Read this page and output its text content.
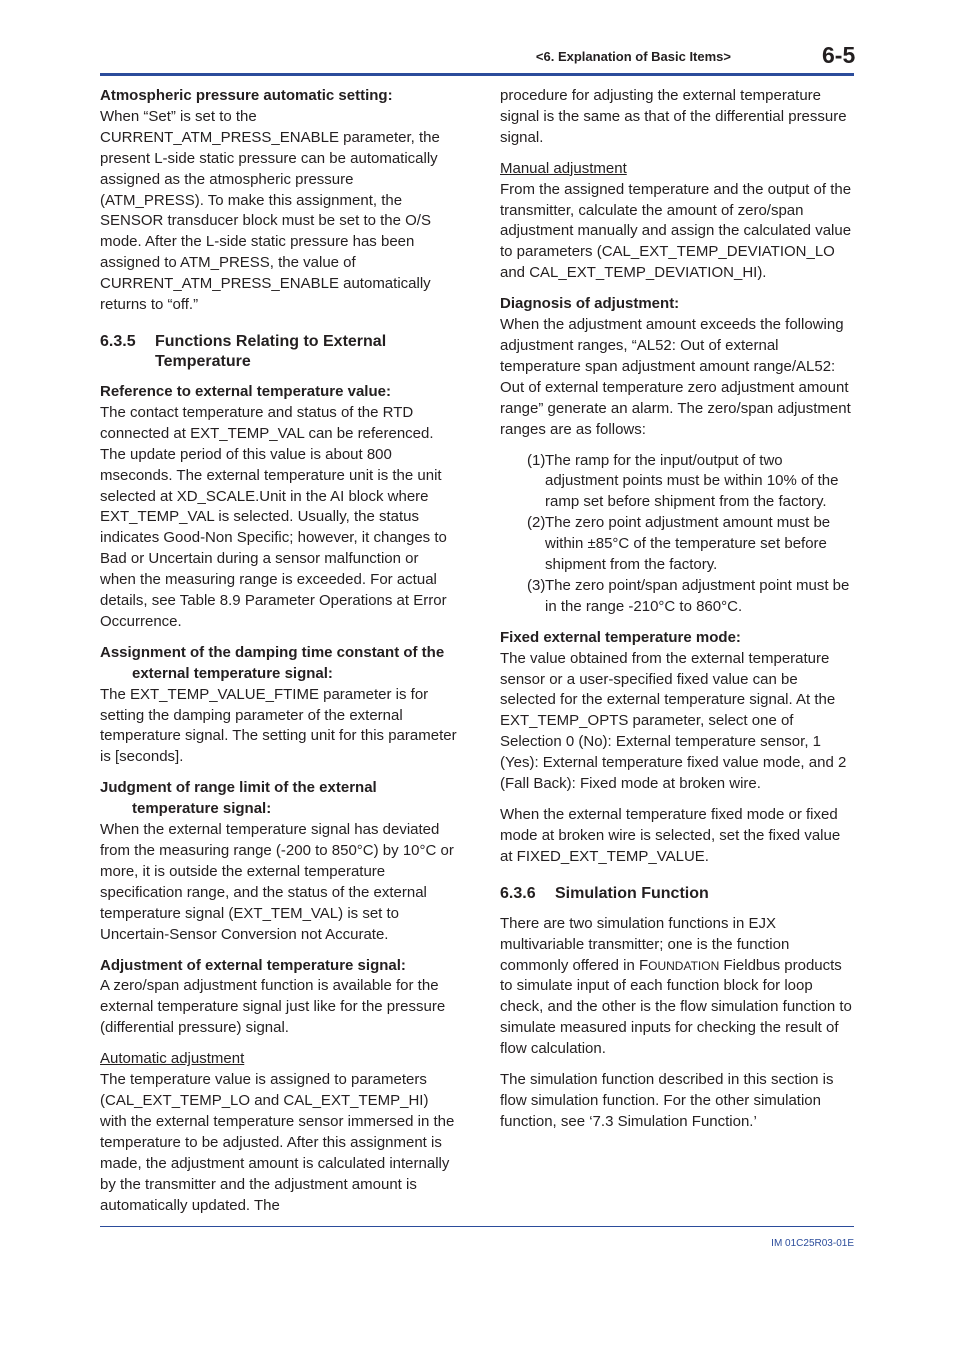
<6. Explanation of Basic Items>	6-5

Atmospheric pressure automatic setting:
When “Set” is set to the CURRENT_ATM_PRESS_ENABLE parameter, the present L-side static pressure can be automatically assigned as the atmospheric pressure (ATM_PRESS). To make this assignment, the SENSOR transducer block must be set to the O/S mode. After the L-side static pressure has been assigned to ATM_PRESS, the value of CURRENT_ATM_PRESS_ENABLE automatically returns to “off.”

6.3.5	Functions Relating to External Temperature

Reference to external temperature value:
The contact temperature and status of the RTD connected at EXT_TEMP_VAL can be referenced. The update period of this value is about 800 mseconds. The external temperature unit is the unit selected at XD_SCALE.Unit in the AI block where EXT_TEMP_VAL is selected. Usually, the status indicates Good-Non Specific; however, it changes to Bad or Uncertain during a sensor malfunction or when the measuring range is exceeded. For actual details, see Table 8.9 Parameter Operations at Error Occurrence.

Assignment of the damping time constant of the external temperature signal:
The EXT_TEMP_VALUE_FTIME parameter is for setting the damping parameter of the external temperature signal. The setting unit for this parameter is [seconds].

Judgment of range limit of the external temperature signal:
When the external temperature signal has deviated from the measuring range (-200 to 850°C) by 10°C or more, it is outside the external temperature specification range, and the status of the external temperature signal (EXT_TEM_VAL) is set to Uncertain-Sensor Conversion not Accurate.

Adjustment of external temperature signal:
A zero/span adjustment function is available for the external temperature signal just like for the pressure (differential pressure) signal.

Automatic adjustment
The temperature value is assigned to parameters (CAL_EXT_TEMP_LO and CAL_EXT_TEMP_HI) with the external temperature sensor immersed in the temperature to be adjusted. After this assignment is made, the adjustment amount is calculated internally by the transmitter and the adjustment amount is automatically updated. The

procedure for adjusting the external temperature signal is the same as that of the differential pressure signal.

Manual adjustment
From the assigned temperature and the output of the transmitter, calculate the amount of zero/span adjustment manually and assign the calculated value to parameters (CAL_EXT_TEMP_DEVIATION_LO and CAL_EXT_TEMP_DEVIATION_HI).

Diagnosis of adjustment:
When the adjustment amount exceeds the following adjustment ranges, “AL52: Out of external temperature span adjustment amount range/AL52: Out of external temperature zero adjustment amount range” generate an alarm. The zero/span adjustment ranges are as follows:

(1) The ramp for the input/output of two adjustment points must be within 10% of the ramp set before shipment from the factory.
(2) The zero point adjustment amount must be within ±85°C of the temperature set before shipment from the factory.
(3) The zero point/span adjustment point must be in the range -210°C to 860°C.

Fixed external temperature mode:
The value obtained from the external temperature sensor or a user-specified fixed value can be selected for the external temperature signal. At the EXT_TEMP_OPTS parameter, select one of Selection 0 (No): External temperature sensor, 1 (Yes): External temperature fixed value mode, and 2 (Fall Back): Fixed mode at broken wire.

When the external temperature fixed mode or fixed mode at broken wire is selected, set the fixed value at FIXED_EXT_TEMP_VALUE.

6.3.6	Simulation Function

There are two simulation functions in EJX multivariable transmitter; one is the function commonly offered in FOUNDATION Fieldbus products to simulate input of each function block for loop check, and the other is the flow simulation function to simulate measured inputs for checking the result of flow calculation.

The simulation function described in this section is flow simulation function. For the other simulation function, see ‘7.3 Simulation Function.’

IM 01C25R03-01E
